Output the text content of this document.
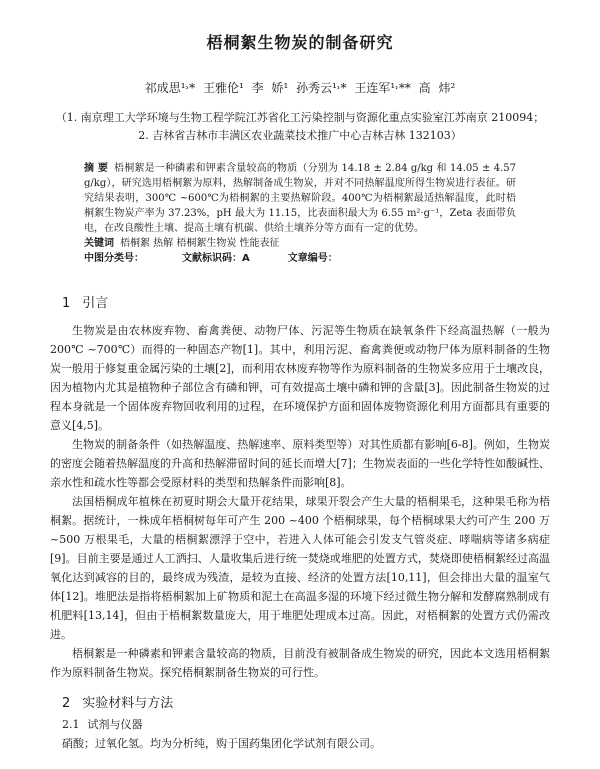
梧桐絮生物炭的制备研究
祁成思¹˒* 王雅伦¹ 李 娇¹ 孙秀云¹˒* 王连军¹˒** 高 炜²
（1. 南京理工大学环境与生物工程学院江苏省化工污染控制与资源化重点实验室江苏南京 210094；
2. 吉林省吉林市丰满区农业蔬菜技术推广中心吉林吉林 132103）
摘 要 梧桐絮是一种磷素和钾素含量较高的物质（分别为 14.18 ± 2.84 g/kg 和 14.05 ± 4.57 g/kg），研究选用梧桐絮为原料，热解制备成生物炭，并对不同热解温度所得生物炭进行表征。研究结果表明，300℃ ~600℃为梧桐絮的主要热解阶段。400℃为梧桐絮最适热解温度，此时梧桐絮生物炭产率为 37.23%，pH 最大为 11.15，比表面积最大为 6.55 m²·g⁻¹，Zeta 表面带负电，在改良酸性土壤、提高土壤有机碳、供给土壤养分等方面有一定的优势。
关键词 梧桐絮 热解 梧桐絮生物炭 性能表征
中图分类号：	文献标识码：A	文章编号：
1 引言

生物炭是由农林废弃物、畜禽粪便、动物尸体、污泥等生物质在缺氧条件下经高温热解（一般为 200℃ ~700℃）而得的一种固态产物[1]。其中，利用污泥、畜禽粪便或动物尸体为原料制备的生物炭一般用于修复重金属污染的土壤[2]，而利用农林废弃物等作为原料制备的生物炭多应用于土壤改良，因为植物内尤其是植物种子部位含有磷和钾，可有效提高土壤中磷和钾的含量[3]。因此制备生物炭的过程本身就是一个固体废弃物回收利用的过程，在环境保护方面和固体废物资源化利用方面都具有重要的意义[4,5]。

生物炭的制备条件（如热解温度、热解速率、原料类型等）对其性质都有影响[6-8]。例如，生物炭的密度会随着热解温度的升高和热解滞留时间的延长而增大[7]；生物炭表面的一些化学特性如酸碱性、亲水性和疏水性等都会受原材料的类型和热解条件而影响[8]。

法国梧桐成年植株在初夏时期会大量开花结果，球果开裂会产生大量的梧桐果毛，这种果毛称为梧桐絮。据统计，一株成年梧桐树每年可产生 200 ~400 个梧桐球果，每个梧桐球果大约可产生 200 万 ~500 万根果毛，大量的梧桐絮漂浮于空中，若进入人体可能会引发支气管炎症、哮喘病等诸多病症[9]。目前主要是通过人工洒扫、人量收集后进行统一焚烧或堆肥的处置方式，焚烧即使梧桐絮经过高温氧化达到减容的目的，最终成为残渣，是较为直接、经济的处置方法[10,11]，但会排出大量的温室气体[12]。堆肥法是指将梧桐絮加上矿物质和泥土在高温多湿的环境下经过微生物分解和发酵腐熟制成有机肥料[13,14]，但由于梧桐絮数量庞大，用于堆肥处理成本过高。因此，对梧桐絮的处置方式仍需改进。

梧桐絮是一种磷素和钾素含量较高的物质，目前没有被制备成生物炭的研究，因此本文选用梧桐絮作为原料制备生物炭。探究梧桐絮制备生物炭的可行性。

2 实验材料与方法
2.1 试剂与仪器
硝酸；过氧化氢。均为分析纯，购于国药集团化学试剂有限公司。
